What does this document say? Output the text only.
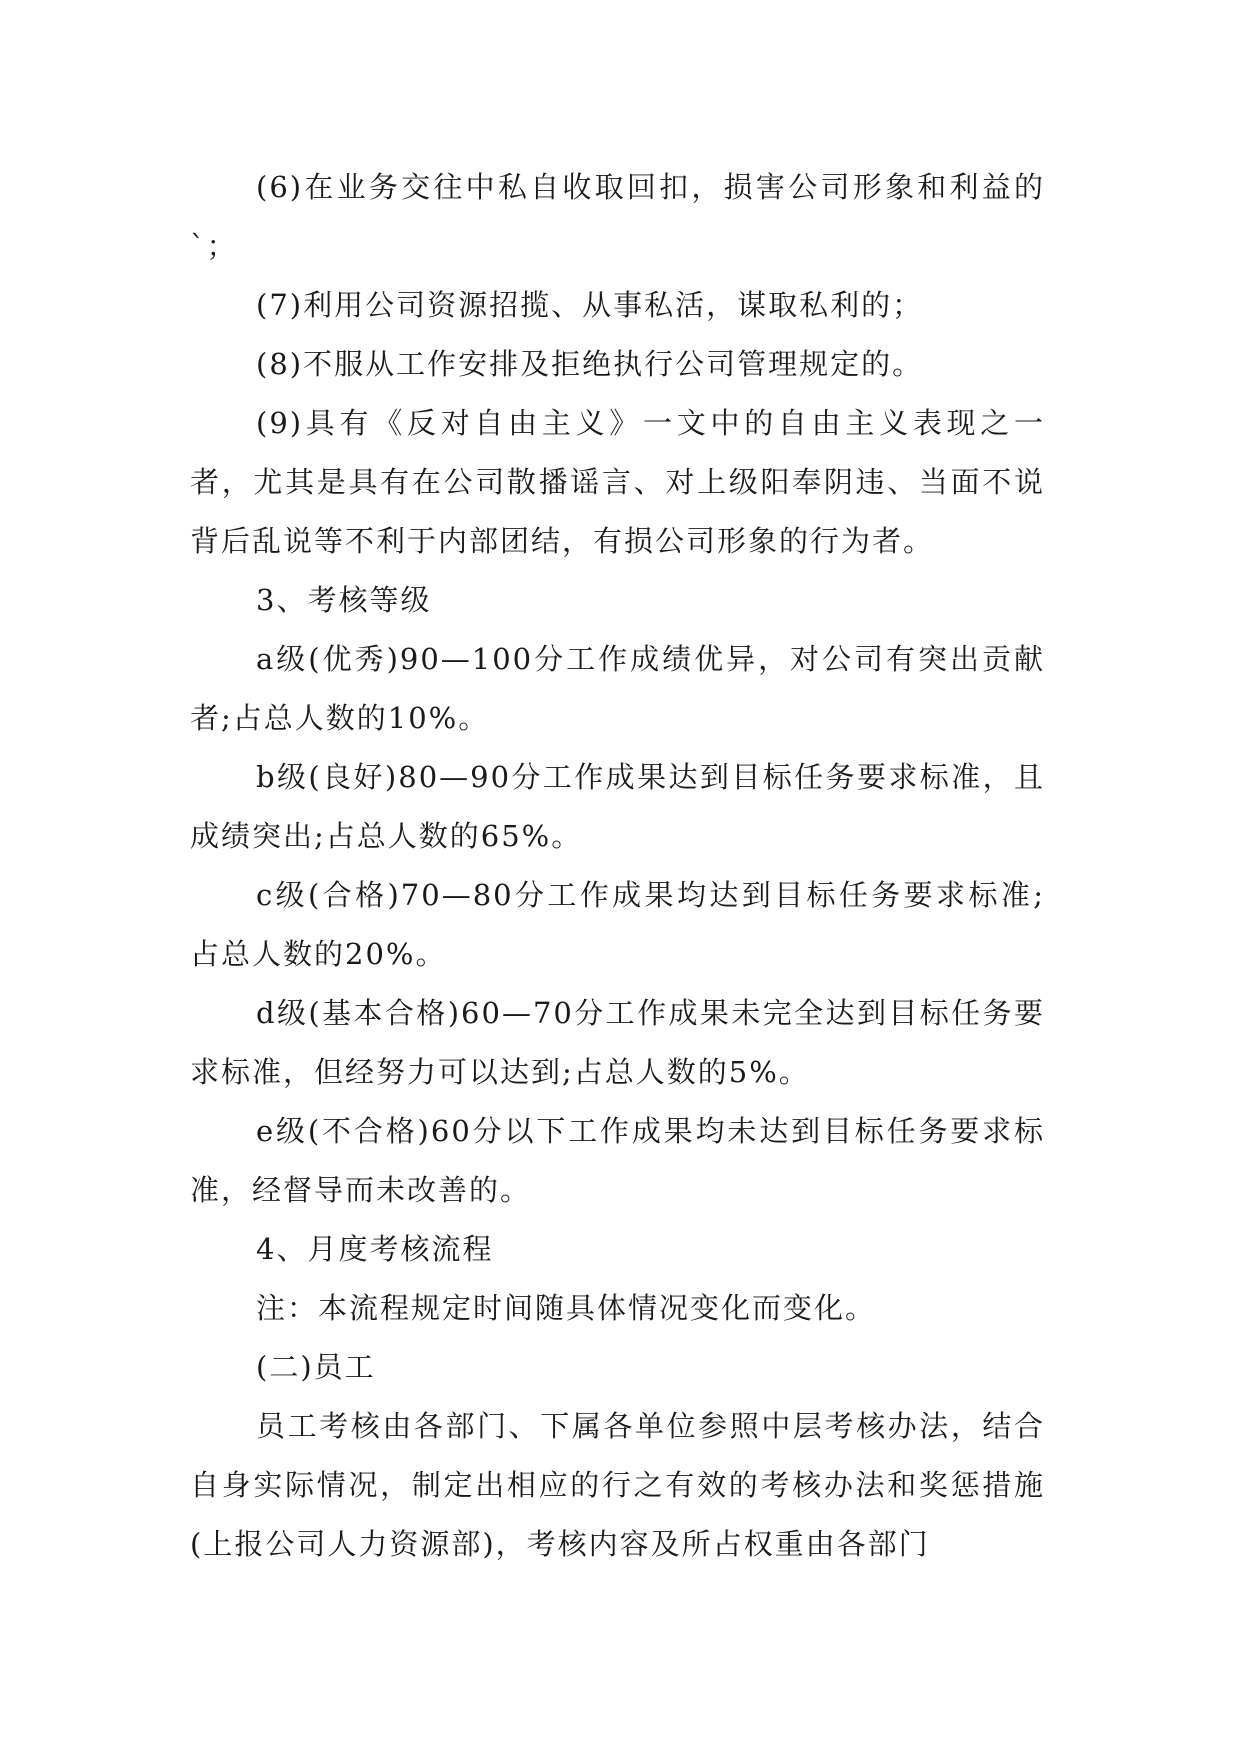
(6)在业务交往中私自收取回扣，损害公司形象和利益的`；

(7)利用公司资源招揽、从事私活，谋取私利的；

(8)不服从工作安排及拒绝执行公司管理规定的。

(9)具有《反对自由主义》一文中的自由主义表现之一者，尤其是具有在公司散播谣言、对上级阳奉阴违、当面不说背后乱说等不利于内部团结，有损公司形象的行为者。

3、考核等级

a级(优秀)90—100分工作成绩优异，对公司有突出贡献者;占总人数的10%。

b级(良好)80—90分工作成果达到目标任务要求标准，且成绩突出;占总人数的65%。

c级(合格)70—80分工作成果均达到目标任务要求标准;占总人数的20%。

d级(基本合格)60—70分工作成果未完全达到目标任务要求标准，但经努力可以达到;占总人数的5%。

e级(不合格)60分以下工作成果均未达到目标任务要求标准，经督导而未改善的。

4、月度考核流程

注：本流程规定时间随具体情况变化而变化。

(二)员工

员工考核由各部门、下属各单位参照中层考核办法，结合自身实际情况，制定出相应的行之有效的考核办法和奖惩措施(上报公司人力资源部)，考核内容及所占权重由各部门
